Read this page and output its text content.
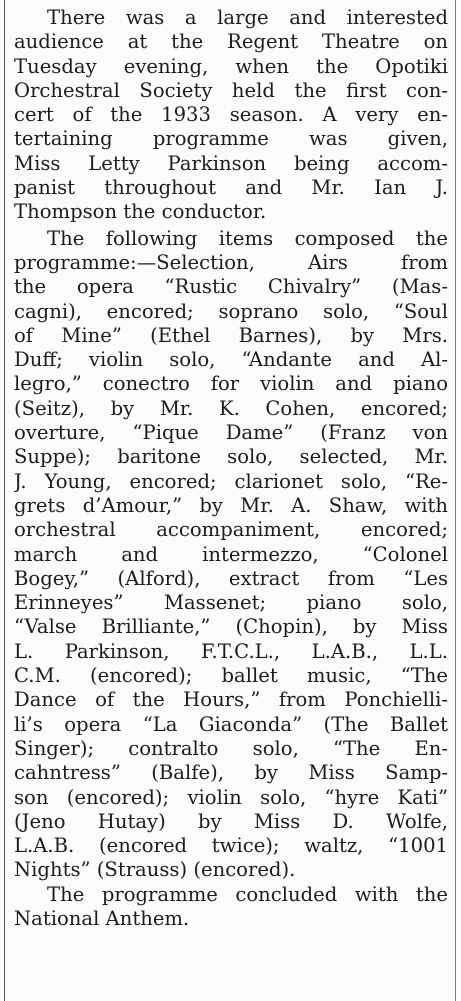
There was a large and interested
audience at the Regent Theatre on
Tuesday evening, when the Opotiki
Orchestral Society held the first con-
cert of the 1933 season. A very en-
tertaining programme was given,
Miss Letty Parkinson being accom-
panist throughout and Mr. Ian J.
Thompson the conductor.
The following items composed the
programme:—Selection, Airs from
the opera “Rustic Chivalry” (Mas-
cagni), encored; soprano solo, “Soul
of Mine” (Ethel Barnes), by Mrs.
Duff; violin solo, “Andante and Al-
legro,” conectro for violin and piano
(Seitz), by Mr. K. Cohen, encored;
overture, “Pique Dame” (Franz von
Suppe); baritone solo, selected, Mr.
J. Young, encored; clarionet solo, “Re-
grets d’Amour,” by Mr. A. Shaw, with
orchestral accompaniment, encored;
march and intermezzo, “Colonel
Bogey,” (Alford), extract from “Les
Erinneyes” Massenet; piano solo,
“Valse Brilliante,” (Chopin), by Miss
L. Parkinson, F.T.C.L., L.A.B., L.L.
C.M. (encored); ballet music, “The
Dance of the Hours,” from Ponchielli-
li’s opera “La Giaconda” (The Ballet
Singer); contralto solo, “The En-
cahntress” (Balfe), by Miss Samp-
son (encored); violin solo, “hyre Kati”
(Jeno Hutay) by Miss D. Wolfe,
L.A.B. (encored twice); waltz, “1001
Nights” (Strauss) (encored).
The programme concluded with the
National Anthem.
